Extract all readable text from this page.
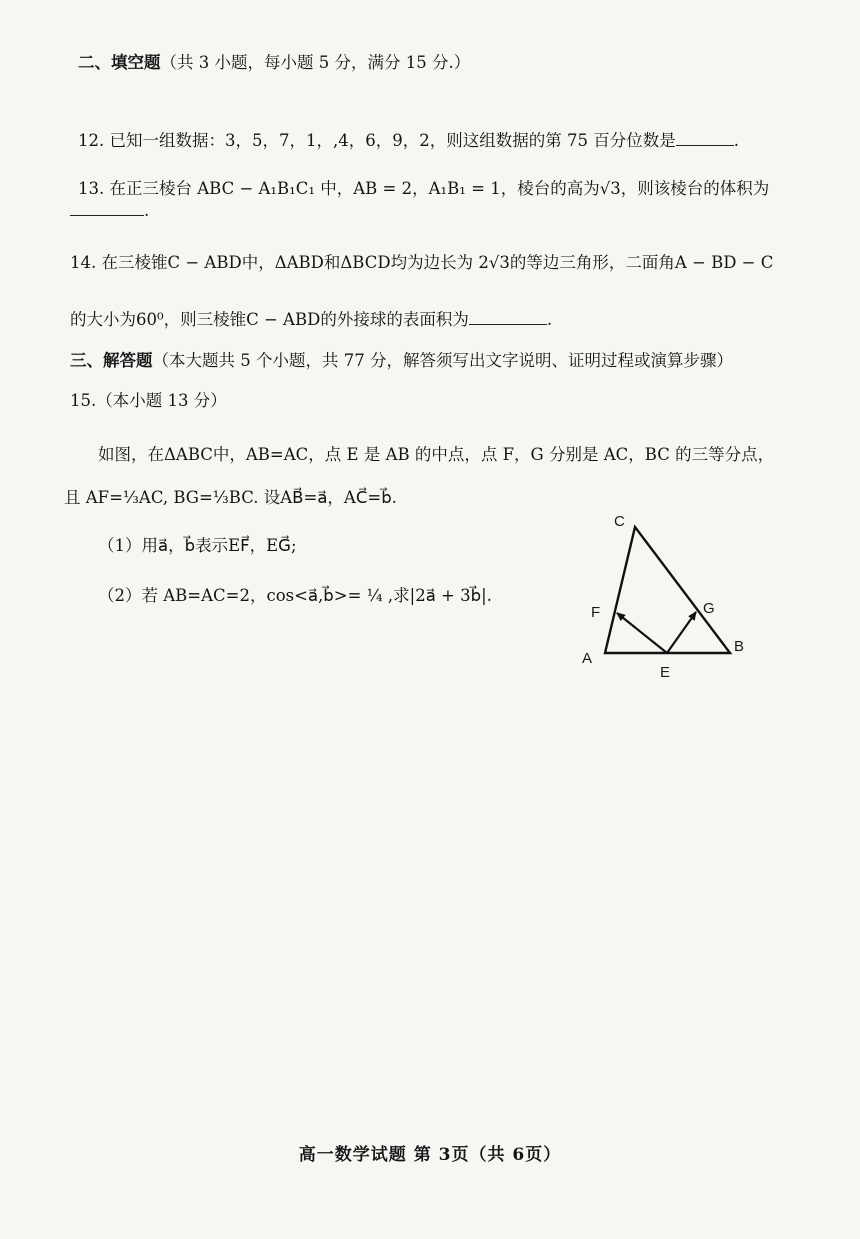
二、填空题（共 3 小题，每小题 5 分，满分 15 分.）
12. 已知一组数据：3，5，7，1，,4，6，9，2，则这组数据的第 75 百分位数是	.
13. 在正三棱台 ABC − A₁B₁C₁ 中，AB = 2，A₁B₁ = 1，棱台的高为√3，则该棱台的体积为
.
14. 在三棱锥C − ABD中，ΔABD和ΔBCD均为边长为 2√3的等边三角形，二面角A − BD − C
的大小为60⁰，则三棱锥C − ABD的外接球的表面积为	.
三、解答题（本大题共 5 个小题，共 77 分，解答须写出文字说明、证明过程或演算步骤）
15.（本小题 13 分）
如图，在ΔABC中，AB=AC，点 E 是 AB 的中点，点 F，G 分别是 AC，BC 的三等分点，
且 AF=⅓AC, BG=⅓BC. 设AB⃗=a⃗，AC⃗=b⃗.
（1）用a⃗，b⃗表示EF⃗，EG⃗;
（2）若 AB=AC=2，cos<a⃗,b⃗>= ¼ ,求|2a⃗ + 3b⃗|.
C
F	G
A
B
E
高一数学试题 第 3页（共 6页）
